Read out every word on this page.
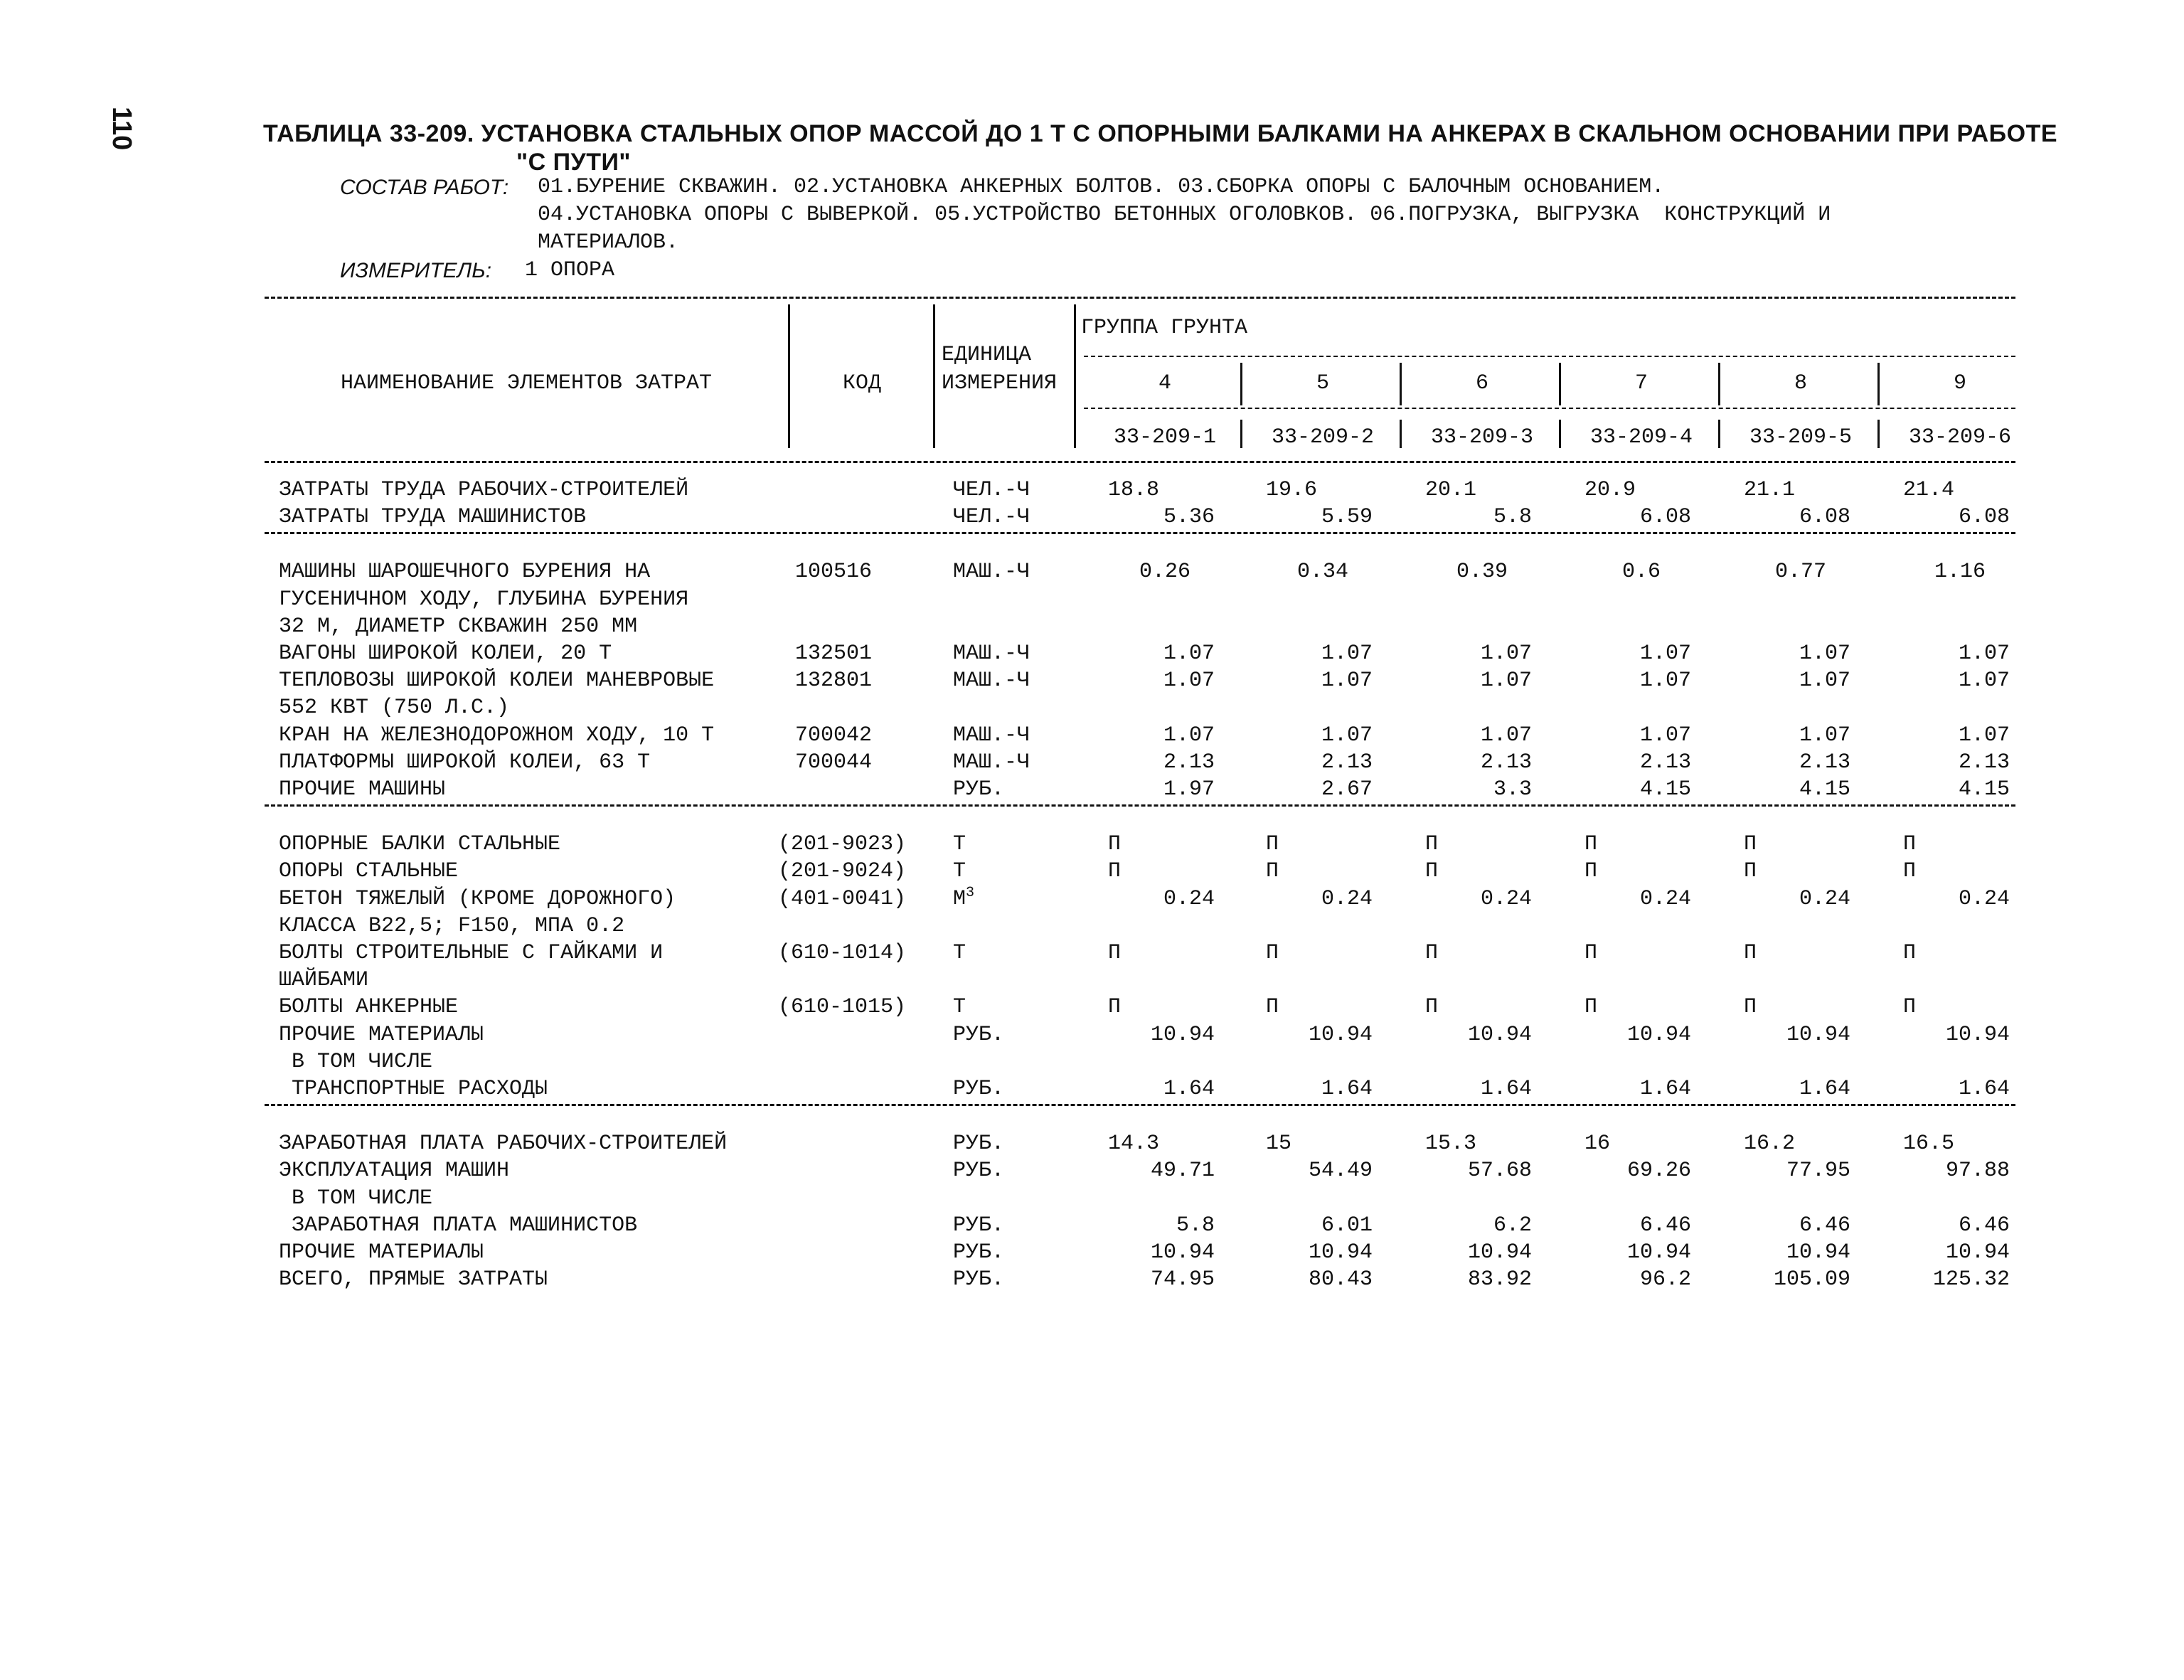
110	ТАБЛИЦА 33-209. УСТАНОВКА СТАЛЬНЫХ ОПОР МАССОЙ ДО 1 Т С ОПОРНЫМИ БАЛКАМИ НА АНКЕРАХ В СКАЛЬНОМ ОСНОВАНИИ ПРИ РАБОТЕ
"С ПУТИ"
СОСТАВ РАБОТ: 01.БУРЕНИЕ СКВАЖИН. 02.УСТАНОВКА АНКЕРНЫХ БОЛТОВ. 03.СБОРКА ОПОРЫ С БАЛОЧНЫМ ОСНОВАНИЕМ.
04.УСТАНОВКА ОПОРЫ С ВЫВЕРКОЙ. 05.УСТРОЙСТВО БЕТОННЫХ ОГОЛОВКОВ. 06.ПОГРУЗКА, ВЫГРУЗКА  КОНСТРУКЦИЙ И
МАТЕРИАЛОВ.
ИЗМЕРИТЕЛЬ: 1 ОПОРА
ГРУППА ГРУНТА
НАИМЕНОВАНИЕ ЭЛЕМЕНТОВ ЗАТРАТ	КОД
ЕДИНИЦА
ИЗМЕРЕНИЯ	4	5	6	7	8	9
33-209-1	33-209-2	33-209-3	33-209-4	33-209-5	33-209-6
ЗАТРАТЫ ТРУДА РАБОЧИХ-СТРОИТЕЛЕЙ	ЧЕЛ.-Ч	18.8	19.6	20.1	20.9	21.1	21.4
ЗАТРАТЫ ТРУДА МАШИНИСТОВ	ЧЕЛ.-Ч	5.36	5.59	5.8	6.08	6.08	6.08
МАШИНЫ ШАРОШЕЧНОГО БУРЕНИЯ НА	100516	МАШ.-Ч	0.26	0.34	0.39	0.6	0.77	1.16
ГУСЕНИЧНОМ ХОДУ, ГЛУБИНА БУРЕНИЯ
32 М, ДИАМЕТР СКВАЖИН 250 ММ
ВАГОНЫ ШИРОКОЙ КОЛЕИ, 20 Т	132501	МАШ.-Ч	1.07	1.07	1.07	1.07	1.07	1.07
ТЕПЛОВОЗЫ ШИРОКОЙ КОЛЕИ МАНЕВРОВЫЕ	132801	МАШ.-Ч	1.07	1.07	1.07	1.07	1.07	1.07
552 КВТ (750 Л.С.)
КРАН НА ЖЕЛЕЗНОДОРОЖНОМ ХОДУ, 10 Т	700042	МАШ.-Ч	1.07	1.07	1.07	1.07	1.07	1.07
ПЛАТФОРМЫ ШИРОКОЙ КОЛЕИ, 63 Т	700044	МАШ.-Ч	2.13	2.13	2.13	2.13	2.13	2.13
ПРОЧИЕ МАШИНЫ	РУБ.	1.97	2.67	3.3	4.15	4.15	4.15
ОПОРНЫЕ БАЛКИ СТАЛЬНЫЕ	(201-9023) Т	П	П	П	П	П	П
ОПОРЫ СТАЛЬНЫЕ	(201-9024) Т	П	П	П	П	П	П
БЕТОН ТЯЖЕЛЫЙ (КРОМЕ ДОРОЖНОГО)	(401-0041) $М^3$	0.24	0.24	0.24	0.24	0.24	0.24
КЛАССА В22,5; F150, МПА 0.2
БОЛТЫ СТРОИТЕЛЬНЫЕ С ГАЙКАМИ И	(610-1014) Т	П	П	П	П	П	П
ШАЙБАМИ
БОЛТЫ АНКЕРНЫЕ	(610-1015) Т	П	П	П	П	П	П
ПРОЧИЕ МАТЕРИАЛЫ	РУБ.	10.94	10.94	10.94	10.94	10.94	10.94
В ТОМ ЧИСЛЕ
ТРАНСПОРТНЫЕ РАСХОДЫ	РУБ.	1.64	1.64	1.64	1.64	1.64	1.64
ЗАРАБОТНАЯ ПЛАТА РАБОЧИХ-СТРОИТЕЛЕЙ	РУБ.	14.3	15	15.3	16	16.2	16.5
ЭКСПЛУАТАЦИЯ МАШИН	РУБ.	49.71	54.49	57.68	69.26	77.95	97.88
В ТОМ ЧИСЛЕ
ЗАРАБОТНАЯ ПЛАТА МАШИНИСТОВ	РУБ.	5.8	6.01	6.2	6.46	6.46	6.46
ПРОЧИЕ МАТЕРИАЛЫ	РУБ.	10.94	10.94	10.94	10.94	10.94	10.94
ВСЕГО, ПРЯМЫЕ ЗАТРАТЫ	РУБ.	74.95	80.43	83.92	96.2	105.09	125.32
